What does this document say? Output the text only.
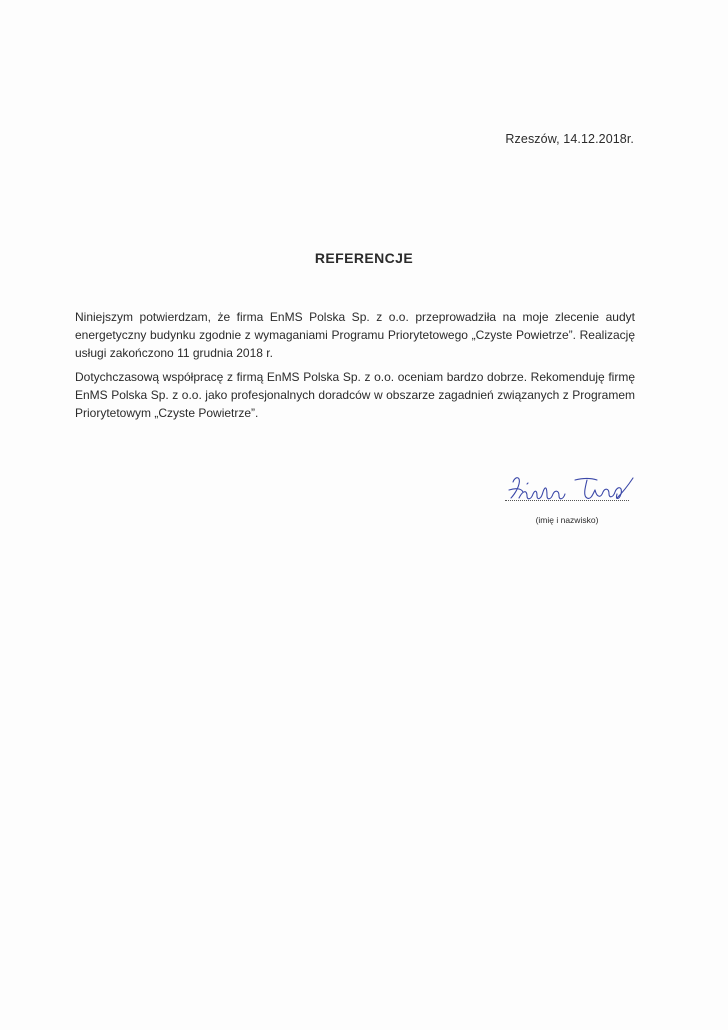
Rzeszów, 14.12.2018r.
REFERENCJE
Niniejszym potwierdzam, że firma EnMS Polska Sp. z o.o. przeprowadziła na moje zlecenie audyt energetyczny budynku zgodnie z wymaganiami Programu Priorytetowego „Czyste Powietrze”. Realizację usługi zakończono 11 grudnia 2018 r.
Dotychczasową współpracę z firmą EnMS Polska Sp. z o.o. oceniam bardzo dobrze. Rekomenduję firmę EnMS Polska Sp. z o.o. jako profesjonalnych doradców w obszarze zagadnień związanych z Programem Priorytetowym „Czyste Powietrze”.
(imię i nazwisko)
